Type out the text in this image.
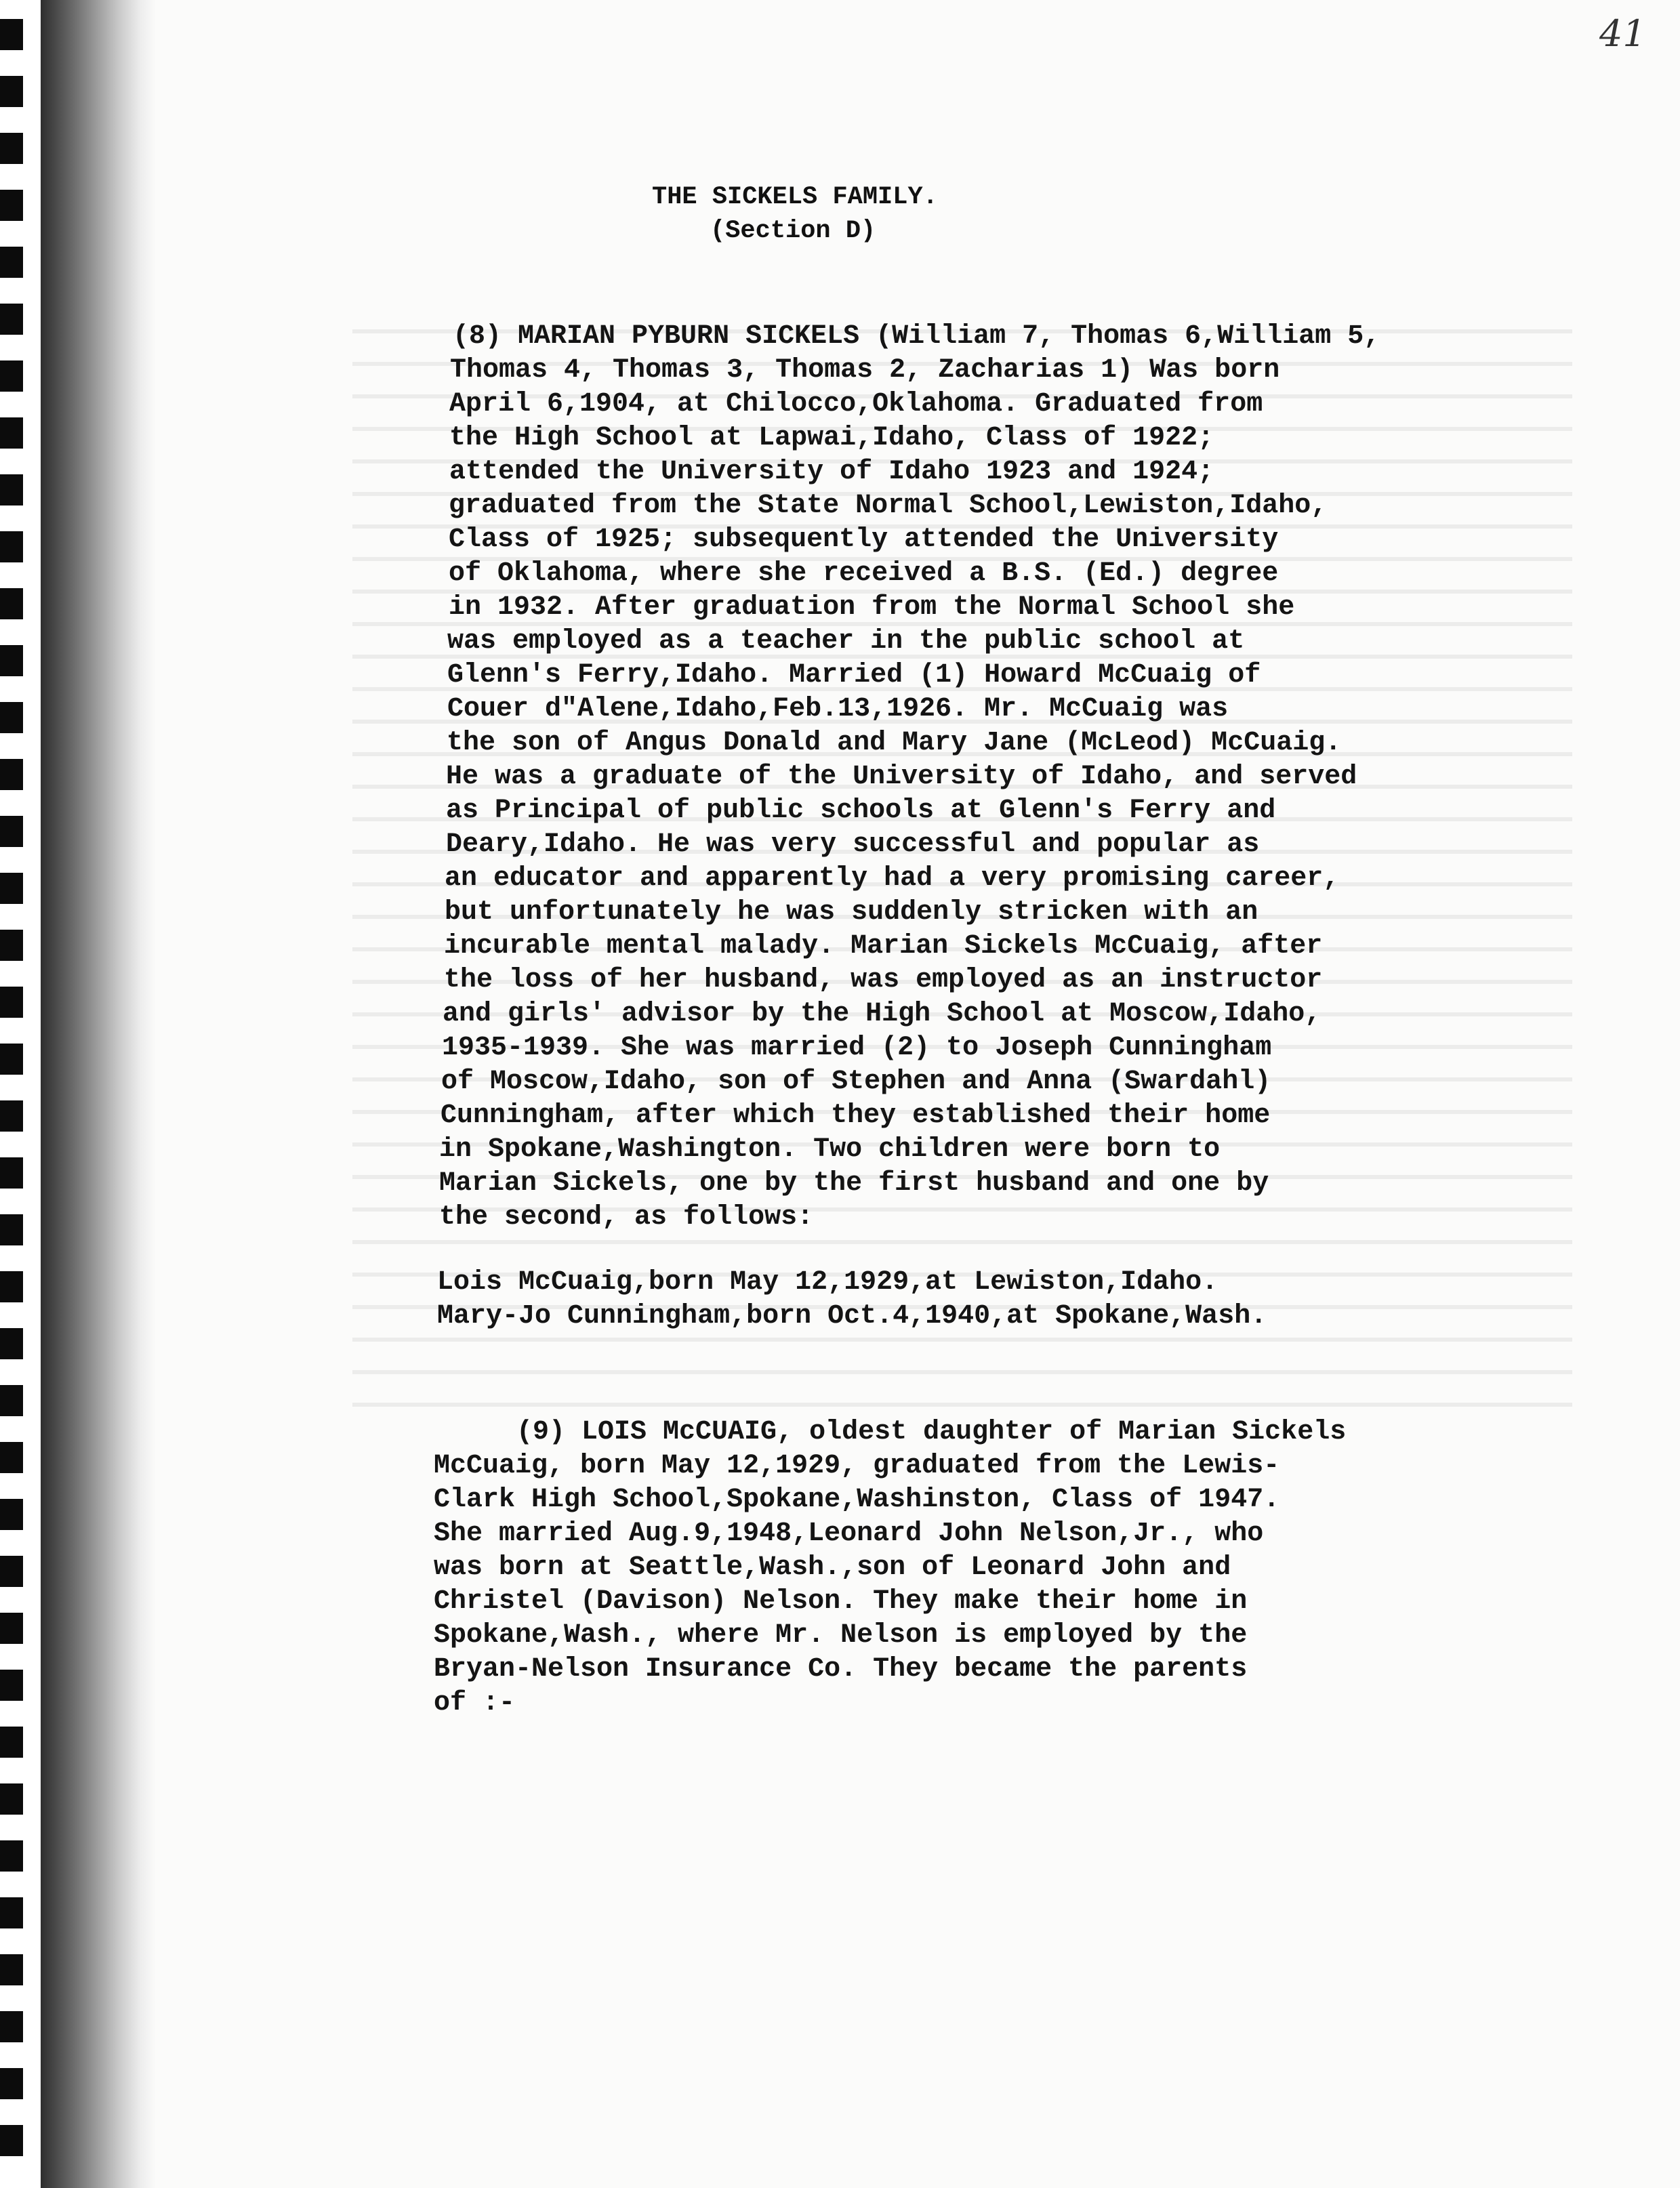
41
THE SICKELS FAMILY.
(Section D)
(8) MARIAN PYBURN SICKELS (William 7, Thomas 6,William 5,
Thomas 4, Thomas 3, Thomas 2, Zacharias 1) Was born
April 6,1904, at Chilocco,Oklahoma. Graduated from
the High School at Lapwai,Idaho, Class of 1922;
attended the University of Idaho 1923 and 1924;
graduated from the State Normal School,Lewiston,Idaho,
Class of 1925; subsequently attended the University
of Oklahoma, where she received a B.S. (Ed.) degree
in 1932. After graduation from the Normal School she
was employed as a teacher in the public school at
Glenn's Ferry,Idaho. Married (1) Howard McCuaig of
Couer d"Alene,Idaho,Feb.13,1926. Mr. McCuaig was
the son of Angus Donald and Mary Jane (McLeod) McCuaig.
He was a graduate of the University of Idaho, and served
as Principal of public schools at Glenn's Ferry and
Deary,Idaho. He was very successful and popular as
an educator and apparently had a very promising career,
but unfortunately he was suddenly stricken with an
incurable mental malady. Marian Sickels McCuaig, after
the loss of her husband, was employed as an instructor
and girls' advisor by the High School at Moscow,Idaho,
1935-1939. She was married (2) to Joseph Cunningham
of Moscow,Idaho, son of Stephen and Anna (Swardahl)
Cunningham, after which they established their home
in Spokane,Washington. Two children were born to
Marian Sickels, one by the first husband and one by
the second, as follows:
Lois McCuaig,born May 12,1929,at Lewiston,Idaho.
Mary-Jo Cunningham,born Oct.4,1940,at Spokane,Wash.
(9) LOIS McCUAIG, oldest daughter of Marian Sickels
McCuaig, born May 12,1929, graduated from the Lewis-
Clark High School,Spokane,Washinston, Class of 1947.
She married Aug.9,1948,Leonard John Nelson,Jr., who
was born at Seattle,Wash.,son of Leonard John and
Christel (Davison) Nelson. They make their home in
Spokane,Wash., where Mr. Nelson is employed by the
Bryan-Nelson Insurance Co. They became the parents
of :-
